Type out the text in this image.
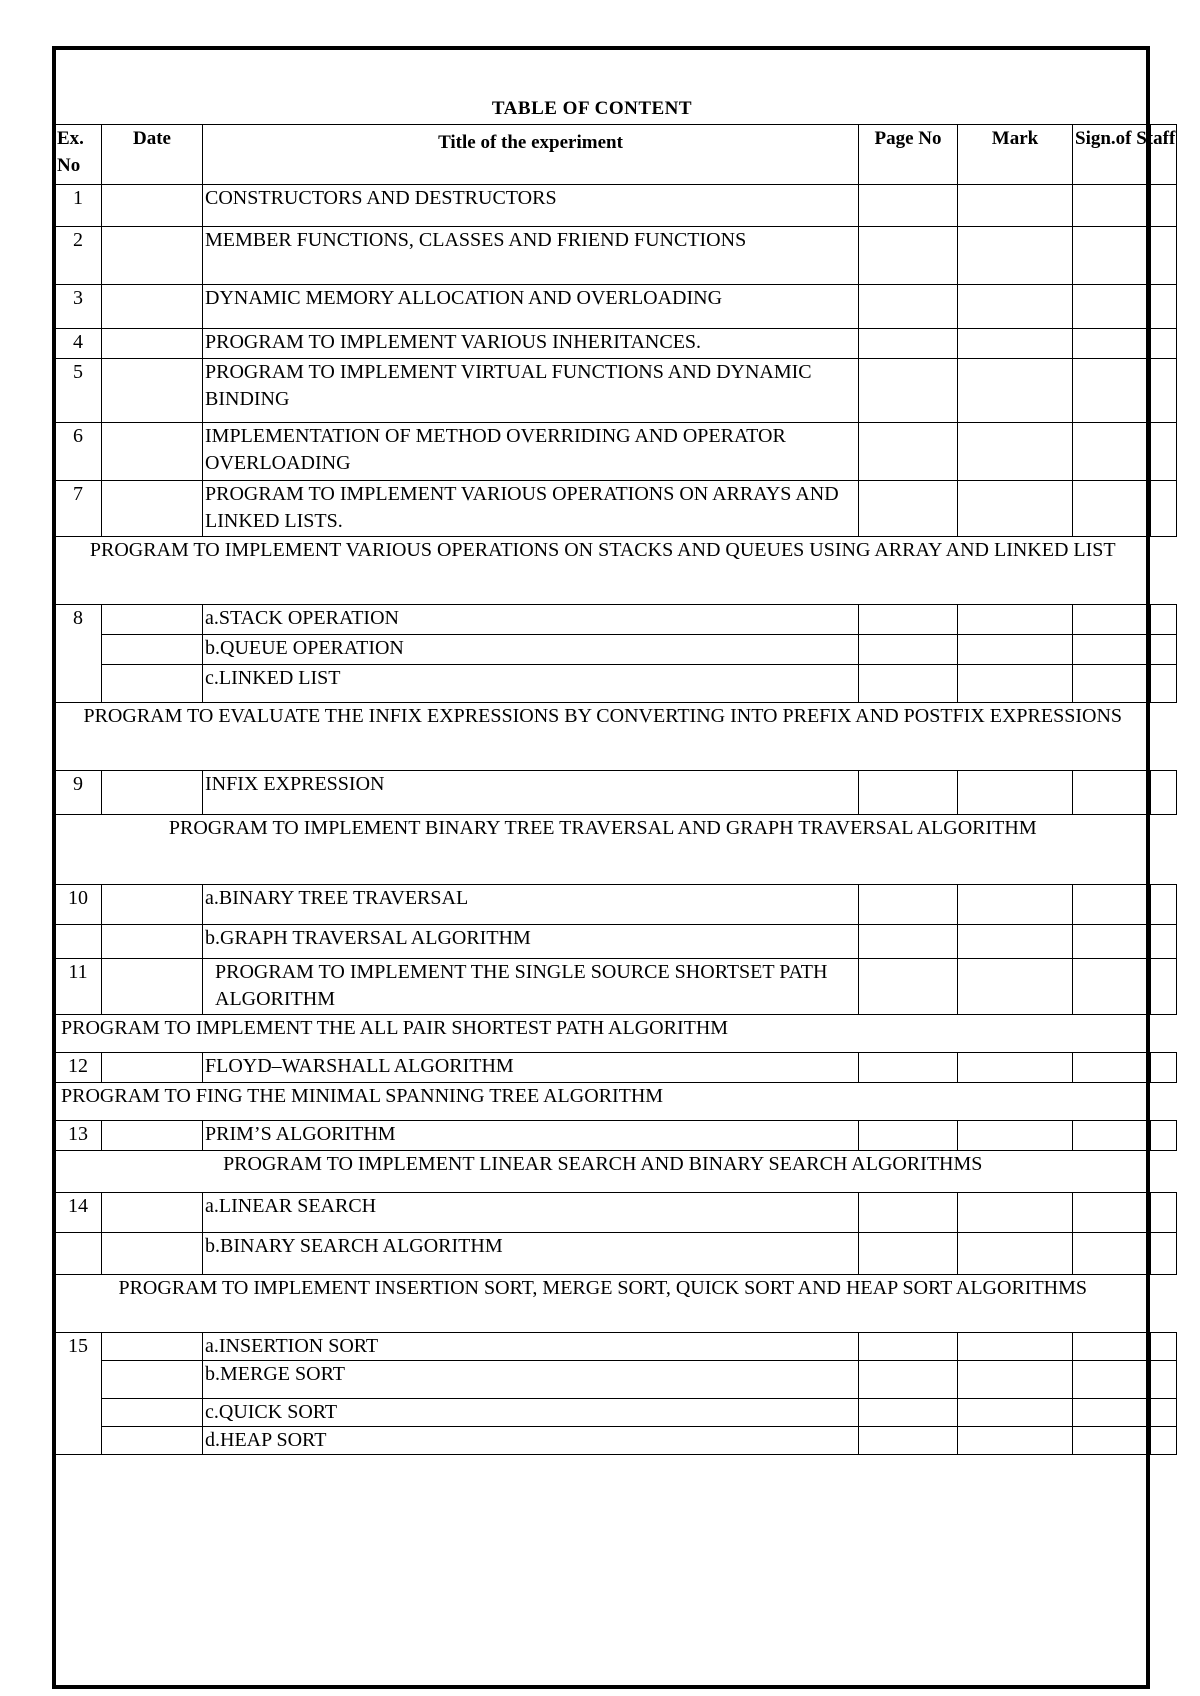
TABLE OF CONTENT
Ex. No	Date	Title of the experiment	Page No	Mark	Sign.of Staff	
1		CONSTRUCTORS AND DESTRUCTORS				
2		MEMBER FUNCTIONS, CLASSES AND FRIEND FUNCTIONS				
3		DYNAMIC MEMORY ALLOCATION AND OVERLOADING				
4		PROGRAM TO IMPLEMENT VARIOUS INHERITANCES.				
5		PROGRAM TO IMPLEMENT VIRTUAL FUNCTIONS AND DYNAMIC BINDING				
6		IMPLEMENTATION OF METHOD OVERRIDING AND OPERATOR OVERLOADING				
7		PROGRAM TO IMPLEMENT VARIOUS OPERATIONS ON ARRAYS AND LINKED LISTS.				
PROGRAM TO IMPLEMENT VARIOUS OPERATIONS ON STACKS AND QUEUES USING ARRAY AND LINKED LIST						
8		a.STACK OPERATION				
		b.QUEUE OPERATION				
		c.LINKED LIST				
PROGRAM TO EVALUATE THE INFIX EXPRESSIONS BY CONVERTING INTO PREFIX AND POSTFIX EXPRESSIONS						
9		INFIX EXPRESSION				
PROGRAM TO IMPLEMENT BINARY TREE TRAVERSAL AND GRAPH TRAVERSAL ALGORITHM						
10		a.BINARY TREE TRAVERSAL				
		b.GRAPH TRAVERSAL ALGORITHM				
11		PROGRAM TO IMPLEMENT THE SINGLE SOURCE SHORTSET PATH ALGORITHM				
PROGRAM TO IMPLEMENT THE ALL PAIR SHORTEST PATH ALGORITHM						
12		FLOYD–WARSHALL ALGORITHM				
PROGRAM TO FING THE MINIMAL SPANNING TREE ALGORITHM						
13		PRIM’S ALGORITHM				
PROGRAM TO IMPLEMENT LINEAR SEARCH AND BINARY SEARCH ALGORITHMS						
14		a.LINEAR SEARCH				
		b.BINARY SEARCH ALGORITHM				
PROGRAM TO IMPLEMENT INSERTION SORT, MERGE SORT, QUICK SORT AND HEAP SORT ALGORITHMS						
15		a.INSERTION SORT				
		b.MERGE SORT				
		c.QUICK SORT				
		d.HEAP SORT				
